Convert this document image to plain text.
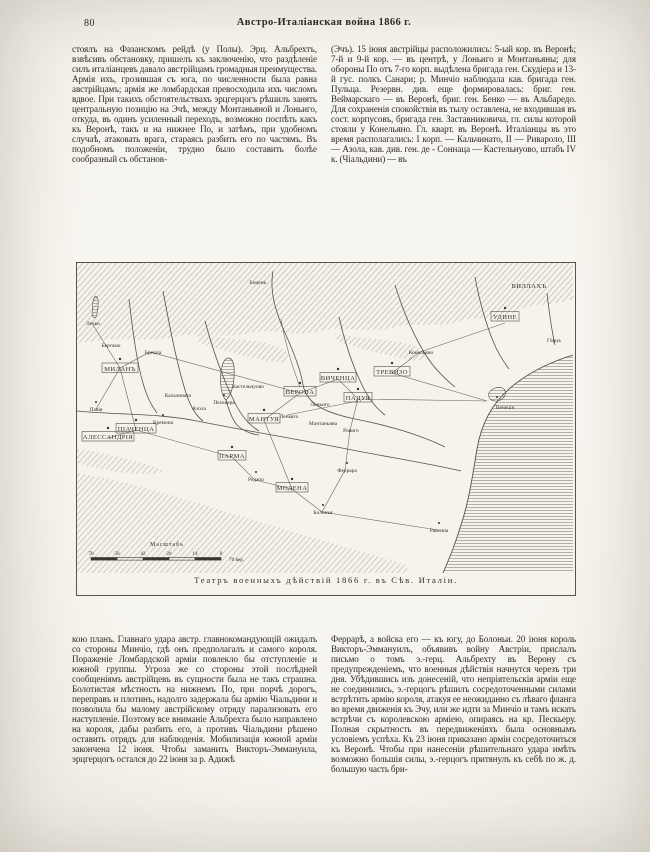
80	Австро-Италіанская война 1866 г.
стоялъ на Фазанскомъ рейдѣ (у Полы). Эрц. Альбрехтъ, взвѣсивъ обстановку, пришелъ къ заключенію, что раздѣленіе силъ италіанцевъ давало австрійцамъ громадныя преимущества. Армія ихъ, грозившая съ юга, по численности была равна австрійцамъ; армія же ломбардская превосходила ихъ числомъ вдвое. При такихъ обстоятельствахъ эрцгерцогъ рѣшилъ занять центральную позицію на Эчѣ, между Монтаньяной и Лоньиго, откуда, въ одинъ усиленный переходъ, возможно поспѣть какъ къ Веронѣ, такъ и на нижнее По, и затѣмъ, при удобномъ случаѣ, атаковать врага, стараясь разбить его по частямъ. Въ подобномъ положеніи, трудно было составить болѣе сообразный съ обстанов-
(Эчъ). 15 іюня австрійцы расположились: 5-ый кор. въ Веронѣ; 7-й и 9-й кор. — въ центрѣ, у Лоньиго и Монтаньяны; для обороны По отъ 7-го корп. выдѣлена бригада ген. Скудіера и 13-й гус. полкъ Санари; р. Минчіо наблюдала кав. бригада ген. Пульца. Резервн. див. еще формировалась: бриг. ген. Веймарскаго — въ Веронѣ, бриг. ген. Бенко — въ Альбаредо. Для сохраненія спокойствія въ тылу оставлена, не входившая въ сост. корпусовъ, бригада ген. Заставниковича, гл. силы которой стояли у Конельяно. Гл. кварт. въ Веронѣ. Италіанцы въ это время располагались: I корп. — Кальчинато, II — Риваролo, III — Азола, кав. див. ген. де - Соннаца — Кастельнуово, штабъ IV к. (Чіальдини) — въ
МИЛАНЪ
ВЕРОНА
ВИЧЕНЦА
УДИНЕ
ТРЕВИЗО
ПАДУЯ
МАНТУЯ
ПІАЧЕНЦА
АЛЕССАНДРІЯ
ПАРМА
МОДЕНА
ВИЛЛАХЪ
Боценъ
Лекко
Бергамо
Брешіа	Конельяно
Гёрцъ
Венеція
Пескьера	Лоньиго
Леньяго
Монтаньяна
Кальчинато
Азола
Павія
Кремона
Реджіо
Феррара
Ровиго
Болонья
Равенна
Кастельнуово
Масштабъ
70	56	42	28	14	0
70 вер.
Театръ военныхъ дѣйствій 1866 г. въ Сѣв. Италіи.
кою планъ. Главнаго удара австр. главнокомандующій ожидалъ со стороны Минчіо, гдѣ онъ предполагалъ и самого короля. Пораженіе Ломбардской арміи повлекло бы отступленіе и южной группы. Угроза же со стороны этой послѣдней сообщеніямъ австрійцевъ въ сущности была не такъ страшна. Болотистая мѣстность на нижнемъ По, при порчѣ дорогъ, переправъ и плотинъ, надолго задержала бы армію Чіальдини и позволила бы малому австрійскому отряду парализовать его наступленіе. Поэтому все вниманіе Альбрехта было направлено на короля, дабы разбить его, а противъ Чіальдини рѣшено оставить отрядъ для наблюденія. Мобилизація южной арміи закончена 12 іюня. Чтобы заманить Викторъ-Эммануила, эрцгерцогъ остался до 22 іюня за р. Адижѣ
Феррарѣ, а войска его — къ югу, до Болоньи. 20 іюня король Викторъ-Эммануилъ, объявивъ войну Австріи, прислалъ письмо о томъ э.-герц. Альбрехту въ Верону съ предупрежденіемъ, что военныя дѣйствія начнутся черезъ три дня. Убѣдившись изъ донесеній, что непріятельскія арміи еще не соединились, э.-герцогъ рѣшилъ сосредоточенными силами встрѣтить армію короля, атакуя ее неожиданно съ лѣваго фланга во время движенія къ Эчу, или же идти за Минчіо и тамъ искать встрѣчи съ королевскою арміею, опираясь на кр. Пескьеру. Полная скрытность въ передвиженіяхъ была основнымъ условіемъ успѣха. Къ 23 іюня приказано арміи сосредоточиться къ Веронѣ. Чтобы при нанесеніи рѣшительнаго удара имѣть возможно большія силы, э.-герцогъ притянулъ къ себѣ по ж. д. большую часть бри-
